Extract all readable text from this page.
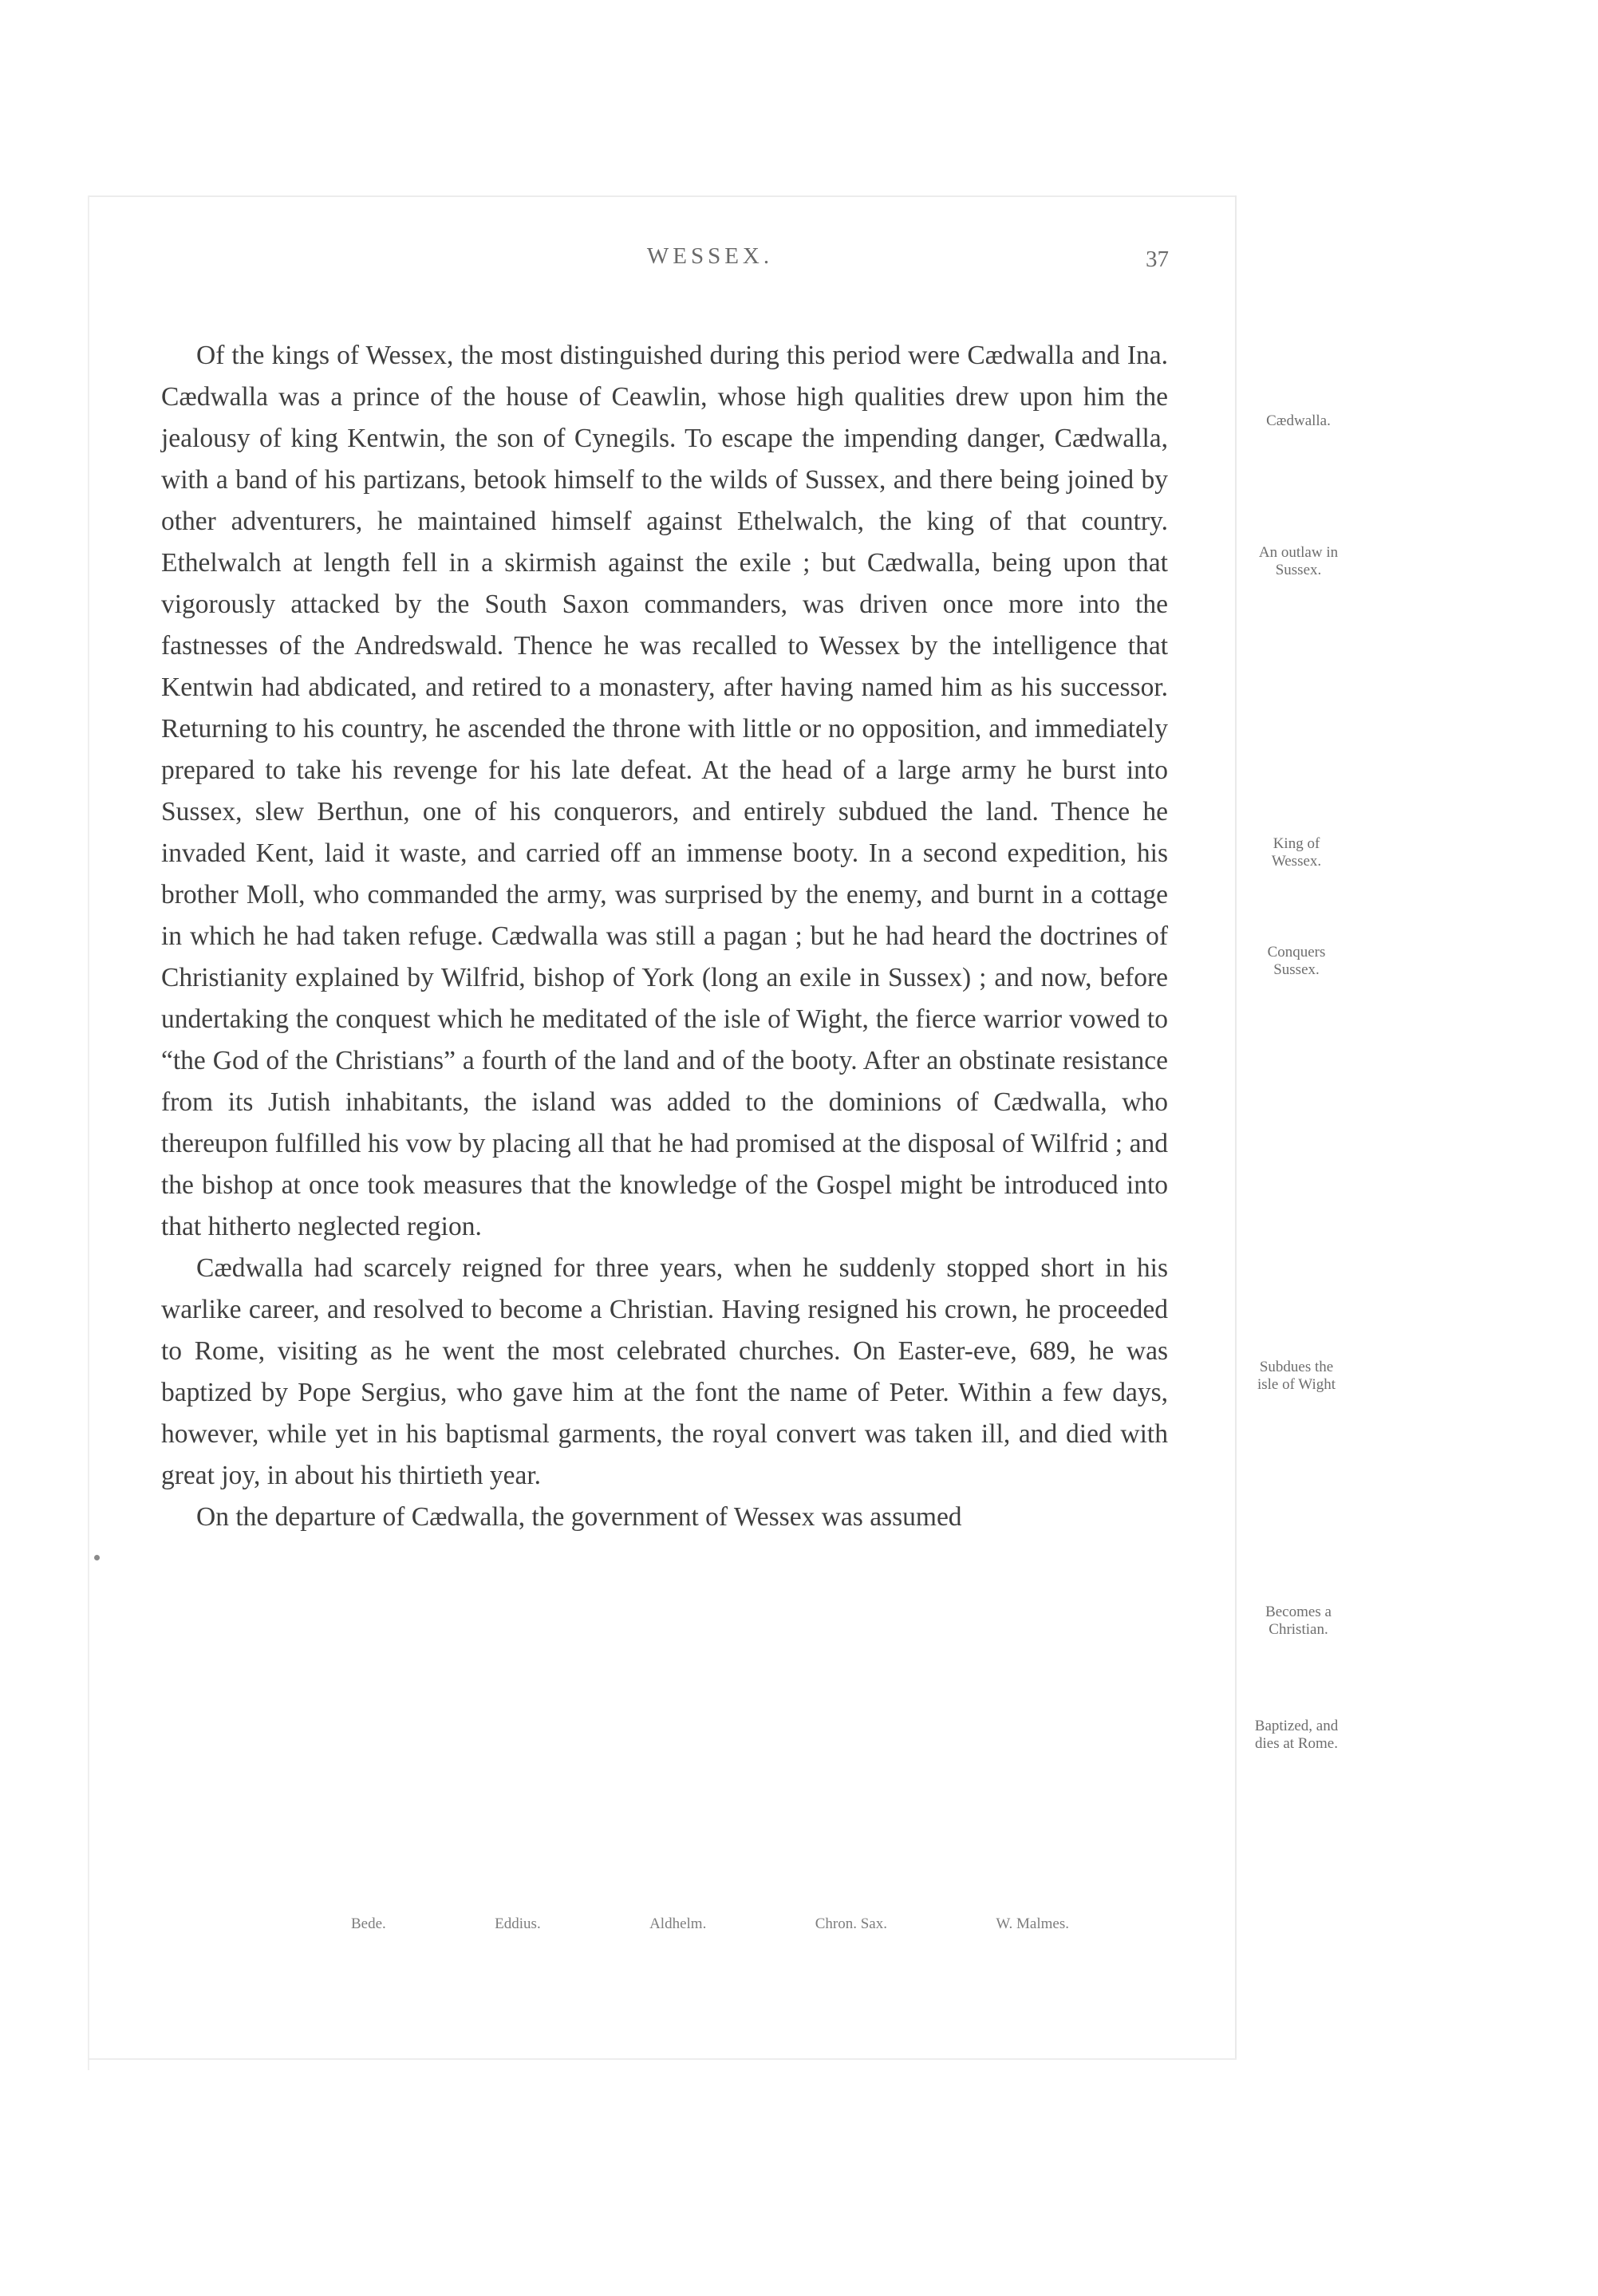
WESSEX.	37

Of the kings of Wessex, the most distinguished during this period were Cædwalla and Ina. Cædwalla was a prince of the house of Ceawlin, whose high qualities drew upon him the jealousy of king Kentwin, the son of Cynegils. To escape the impending danger, Cædwalla, with a band of his partizans, betook himself to the wilds of Sussex, and there being joined by other adventurers, he maintained himself against Ethelwalch, the king of that country. Ethelwalch at length fell in a skirmish against the exile ; but Cædwalla, being upon that vigorously attacked by the South Saxon commanders, was driven once more into the fastnesses of the Andredswald. Thence he was recalled to Wessex by the intelligence that Kentwin had abdicated, and retired to a monastery, after having named him as his successor. Returning to his country, he ascended the throne with little or no opposition, and immediately prepared to take his revenge for his late defeat. At the head of a large army he burst into Sussex, slew Berthun, one of his conquerors, and entirely subdued the land. Thence he invaded Kent, laid it waste, and carried off an immense booty. In a second expedition, his brother Moll, who commanded the army, was surprised by the enemy, and burnt in a cottage in which he had taken refuge. Cædwalla was still a pagan ; but he had heard the doctrines of Christianity explained by Wilfrid, bishop of York (long an exile in Sussex) ; and now, before undertaking the conquest which he meditated of the isle of Wight, the fierce warrior vowed to “the God of the Christians” a fourth of the land and of the booty. After an obstinate resistance from its Jutish inhabitants, the island was added to the dominions of Cædwalla, who thereupon fulfilled his vow by placing all that he had promised at the disposal of Wilfrid ; and the bishop at once took measures that the knowledge of the Gospel might be introduced into that hitherto neglected region.

Cædwalla had scarcely reigned for three years, when he suddenly stopped short in his warlike career, and resolved to become a Christian. Having resigned his crown, he proceeded to Rome, visiting as he went the most celebrated churches. On Easter-eve, 689, he was baptized by Pope Sergius, who gave him at the font the name of Peter. Within a few days, however, while yet in his baptismal garments, the royal convert was taken ill, and died with great joy, in about his thirtieth year.

On the departure of Cædwalla, the government of Wessex was assumed

Cædwalla.
An outlaw in Sussex.
King of Wessex.
Conquers Sussex.
Subdues the isle of Wight
Becomes a Christian.
Baptized, and dies at Rome.
Bede.	Eddius.	Aldhelm.	Chron. Sax.	W. Malmes.
